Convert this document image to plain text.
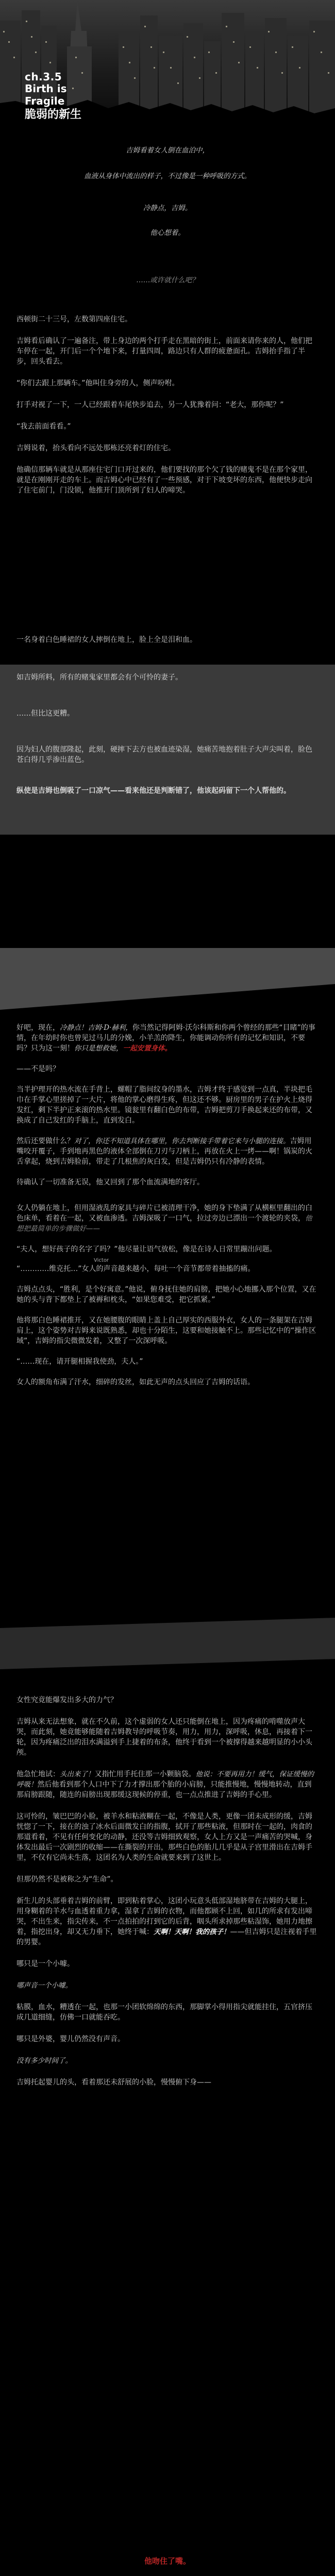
ch.3.5
Birth is Fragile
脆弱的新生
吉姆看着女人倒在血泊中，
血液从身体中流出的样子，不过像是一种呼吸的方式。
冷静点，吉姆。
他心想着。
……或许就什么吧？

西顿街二十三号，左数第四座住宅。

吉姆看后确认了一遍备注，带上身边的两个打手走在黑暗的街上，前面来请你来的人，他们把车停在一起，开门后一个个地下来，打量四周，路边只有人群的疲惫面孔。吉姆抬手指了半步，回头看去。

“你们去跟上那辆车。”他叫住身旁的人，侧声吩咐。

打手对视了一下，一人已经跟着车尾快步追去，另一人犹豫着问：“老大，那你呢？”

“我去前面看看。”

吉姆说着，抬头看向不远处那栋还亮着灯的住宅。

他确信那辆车就是从那座住宅门口开过来的，他们要找的那个欠了钱的赌鬼不是在那个家里，就是在刚刚开走的车上。而吉姆心中已经有了一些预感，对于下坡变坏的东西，他便快步走向了住宅前门，门没锁，他推开门顶所到了妇人的啼哭。

一名身着白色睡裙的女人摔倒在地上，脸上全是泪和血。

如吉姆所料，所有的赌鬼家里都会有个可怜的妻子。

……但比这更糟。

因为妇人的腹部隆起，此刻，硬摔下去方也被血迹染湿，她痛苦地抱着肚子大声尖叫着，脸色苍白得几乎渗出蓝色。

纵使是吉姆也倒吸了一口凉气——看来他还是判断错了，他该起码留下一个人帮他的。

好吧，现在，冷静点！吉姆·D·赫利，你当然记得阿姆·沃尔科斯和你两个曾经的那些“目睹”的事情，在年幼时你也曾见过马儿的分娩，小羊羔的降生，你能调动你所有的记忆和知识，不要吗？只为这一刻！你只是想救她，一起安置身体。

——不是吗？

当半护理开的热水流在手背上，螺帽了脂间纹身的墨水，吉姆才终于感觉到一点真，半块把毛巾在手掌心里搓掉了一大片，将他的掌心磨得生疼，但这还不够。厨房里的男子在护火上烧得发红，剩下半护正来滚的热水里。镜瓮里有翻白色的布带，吉姆把剪刀手换起来还的布带，又换成了自己发红的手脑上，直到发白。

然后还要做什么？对了，你还不知道具体在哪里，你去判断接手带着它来与小腿的连接。吉姆用嘴咬开覆子，手到地再黑色的液体全部倒在刀刃与刀柄上，再放在火上一烤——啊！锅炭的火舌拿起，烧到吉姆脸前，带走了几根焦的灰白发，但是吉姆仍只有冷静的表情。

待确认了一切准备无误，他又回到了那个血流满地的客厅。

女人仍躺在地上，但用湿液乱的家具与碎片已被清理干净，她的身下垫满了从横框里翻出的白色床单，看着在一起，又被血渗透。吉姆深吸了一口气，拉过旁边已漂出一个渡轮的夹袋，他想把最简单的步骤做好——

“夫人，想好孩子的名字了吗？”他尽量让语气放松，像是在诗人日常里蹦出问题。

Victor

“…………维克托…”女人的声音越来越小，每吐一个音节都带着抽搐的痛。

吉姆点点头，“胜利，是个好寓意。”他说，俯身抚住她的肩膀，把她小心地挪入那个位置，又在她的头与背下都垫上了被褥和枕头，“如果您难受，把它抓紧。”

他将那白色睡裙推开，又在她腰腹的眼睛上盖上自己厚实的西服外衣，女人的一条腿架在吉姆肩上，这个姿势对吉姆来说既熟悉，却也十分陌生，这要和她接触不上。那些记忆中的“操作区域”，吉姆的指尖微微发着，又整了一次深呼吸。

“……现在，请开腿相握我使劲，夫人。”

女人的额角布满了汗水，细碎的发丝，如此无声的点头回应了吉姆的话语。

女性究竟能爆发出多大的力气？

吉姆从来无法想象，就在不久前，这个虚弱的女人还只能倒在地上，因为疼痛的啃噬放声大哭，而此刻，她竟能够能随着吉姆教导的呼吸节奏，用力，用力，深呼吸，休息，再接着下一轮，因为疼痛泛出的泪水满溢到手上捷着的布条，他终于看到一个被撑得越来越明显的小小头颅。

他急忙地试：头出来了！又指忙用手托住那一小颗脑袋。他说：不要再用力！缓气，保证缓慢的呼吸！然后他看到那个人口中下了力才撑出那个胎的小肩膀，只能推慢地，慢慢地转动，直到那肩膀跟随，随连的肩膀出现那缓这现候的停重，也一点点推进了吉姆的手心里。

这可怜的，皱巴巴的小脸，被羊水和粘液糊在一起，不像是人类，更像一团未成形的缓，吉姆恍惚了一下，接在的浊了冰水后面微发白的指腹，拭开了那些粘液，但那时在一起的，肉食的那道看着，不见有任何变化的动静，还没等吉姆细致观察，女人上方又是一声痛苦的哭喊，身体发出最后一次剧烈的收缩——在撕裂的开出，那些白色的胎儿几乎是从子宫里滑出在吉姆手里，不仅有它尚未生落，这团名为人类的生命就要来到了这世上。

但那仍然不是被称之为“生命”。

新生儿的头部垂着吉姆的前臂，即到粘着掌心，这团小玩意头低部湿地脐带在吉姆的大腿上，用身糊着的羊水与血透着重力拿，湿拿了吉姆的衣物，而他都顾不上回，如几的所求有发出啼哭，不出生来，指尖传来，不一点拍拍的打到它的后背，咽头所求掉那些粘湿饰，她用力地擦着，指挖出身，却又无力垂下，她终于喊：天啊！天啊！我的孩子！——但吉姆只是注视着手里的男婴。

哪只是一个小噱。

哪声音一个小噱。

粘膜，血水，糟透在一起，也那一小团软绵绵的东西，那脚掌小得用指尖就能挂住，五官挤压成几道细缝，仿佛一口就能吞吃。

哪只是外婆，婴儿仍然没有声音。

没有多少时间了。

吉姆托起婴儿的头，看着那还未舒展的小脸，慢慢俯下身——

他吻住了嘴。
